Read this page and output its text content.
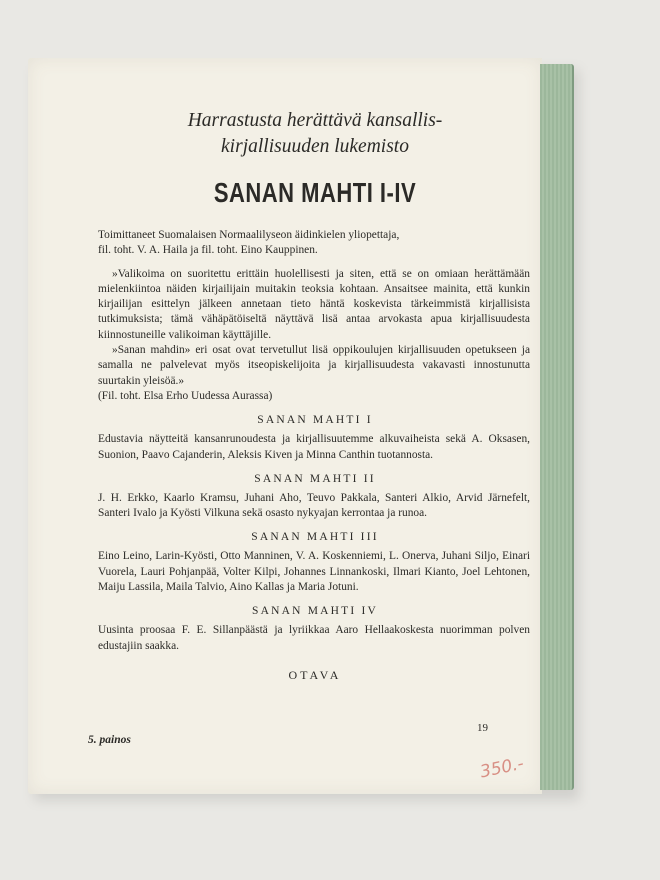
Harrastusta herättävä kansallis-
kirjallisuuden lukemisto
SANAN MAHTI I-IV

Toimittaneet Suomalaisen Normaalilyseon äidinkielen yliopettaja,

fil. toht. V. A. Haila ja fil. toht. Eino Kauppinen.

»Valikoima on suoritettu erittäin huolellisesti ja siten, että se on omiaan herättämään mielenkiintoa näiden kirjailijain muitakin teoksia kohtaan. Ansaitsee mainita, että kunkin kirjailijan esittelyn jälkeen annetaan tieto häntä koskevista tärkeimmistä kirjallisista tutkimuksista; tämä vähäpätöiseltä näyttävä lisä antaa arvokasta apua kirjallisuudesta kiinnostuneille valikoiman käyttäjille.

»Sanan mahdin» eri osat ovat tervetullut lisä oppikoulujen kirjallisuuden opetukseen ja samalla ne palvelevat myös itseopiskelijoita ja kirjallisuudesta vakavasti innostunutta suurtakin yleisöä.»

(Fil. toht. Elsa Erho Uudessa Aurassa)

SANAN MAHTI I
Edustavia näytteitä kansanrunoudesta ja kirjallisuutemme alkuvaiheista sekä A. Oksasen, Suonion, Paavo Cajanderin, Aleksis Kiven ja Minna Canthin tuotannosta.
SANAN MAHTI II
J. H. Erkko, Kaarlo Kramsu, Juhani Aho, Teuvo Pakkala, Santeri Alkio, Arvid Järnefelt, Santeri Ivalo ja Kyösti Vilkuna sekä osasto nykyajan kerrontaa ja runoa.
SANAN MAHTI III
Eino Leino, Larin-Kyösti, Otto Manninen, V. A. Koskenniemi, L. Onerva, Juhani Siljo, Einari Vuorela, Lauri Pohjanpää, Volter Kilpi, Johannes Linnankoski, Ilmari Kianto, Joel Lehtonen, Maiju Lassila, Maila Talvio, Aino Kallas ja Maria Jotuni.
SANAN MAHTI IV
Uusinta proosaa F. E. Sillanpäästä ja lyriikkaa Aaro Hellaakoskesta nuorimman polven edustajiin saakka.
OTAVA
5. painos
19
350.-
